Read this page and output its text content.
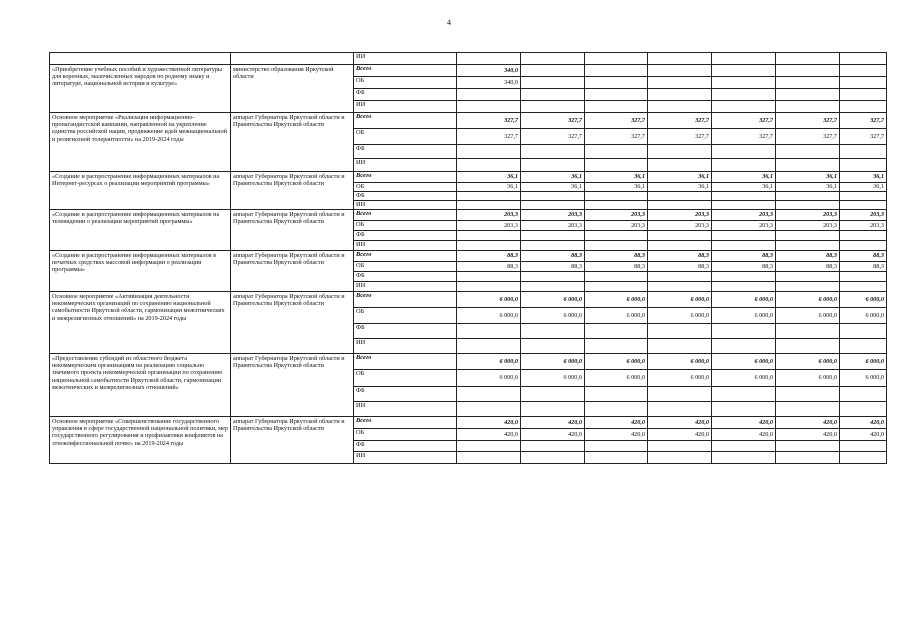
4
		ИИ							
«Приобретение учебных пособий и художественной литературы для коренных, малочисленных народов по родному языку и литературе, национальной истории и культуре»	министерство образования Иркутской области	Всего	340,0						
		ОБ	340,0						
		ФБ							
		ИИ							
Основное мероприятие «Реализация информационно-пропагандистской кампании, направленной на укрепление единства российской нации, продвижение идей межнациональной и религиозной толерантности» на 2019-2024 годы	аппарат Губернатора Иркутской области и Правительства Иркутской области	Всего	327,7	327,7	327,7	327,7	327,7	327,7	327,7
		ОБ	327,7	327,7	327,7	327,7	327,7	327,7	327,7
		ФБ							
		ИИ							
«Создание и распространение информационных материалов на Интернет-ресурсах о реализации мероприятий программы»	аппарат Губернатора Иркутской области и Правительства Иркутской области	Всего	36,1	36,1	36,1	36,1	36,1	36,1	36,1
		ОБ	36,1	36,1	36,1	36,1	36,1	36,1	36,1
		ФБ							
		ИИ							
«Создание и распространение информационных материалов на телевидении о реализации мероприятий программы»	аппарат Губернатора Иркутской области и Правительства Иркутской области	Всего	203,3	203,3	203,3	203,3	203,3	203,3	203,3
		ОБ	203,3	203,3	203,3	203,3	203,3	203,3	203,3
		ФБ							
		ИИ							
«Создание и распространение информационных материалов в печатных средствах массовой информации о реализации программы»	аппарат Губернатора Иркутской области и Правительства Иркутской области	Всего	88,3	88,3	88,3	88,3	88,3	88,3	88,3
		ОБ	88,3	88,3	88,3	88,3	88,3	88,3	88,3
		ФБ							
		ИИ							
Основное мероприятие «Активизация деятельности некоммерческих организаций по сохранению национальной самобытности Иркутской области, гармонизации межэтнических и межрелигиозных отношений» на 2019-2024 годы	аппарат Губернатора Иркутской области и Правительства Иркутской области	Всего	6 000,0	6 000,0	6 000,0	6 000,0	6 000,0	6 000,0	6 000,0
		ОБ	6 000,0	6 000,0	6 000,0	6 000,0	6 000,0	6 000,0	6 000,0
		ФБ							
		ИИ							
«Предоставление субсидий из областного бюджета некоммерческим организациям на реализацию социально значимого проекта некоммерческой организации по сохранению национальной самобытности Иркутской области, гармонизации межэтнических и межрелигиозных отношений»	аппарат Губернатора Иркутской области и Правительства Иркутской области	Всего	6 000,0	6 000,0	6 000,0	6 000,0	6 000,0	6 000,0	6 000,0
		ОБ	6 000,0	6 000,0	6 000,0	6 000,0	6 000,0	6 000,0	6 000,0
		ФБ							
		ИИ							
Основное мероприятие «Совершенствование государственного управления в сфере государственной национальной политики, мер государственного регулирования и профилактики конфликтов на этноконфессиональной почве» на 2019-2024 годы	аппарат Губернатора Иркутской области и Правительства Иркутской области	Всего	420,0	420,0	420,0	420,0	420,0	420,0	420,0
		ОБ	420,0	420,0	420,0	420,0	420,0	420,0	420,0
		ФБ							
		ИИ							
